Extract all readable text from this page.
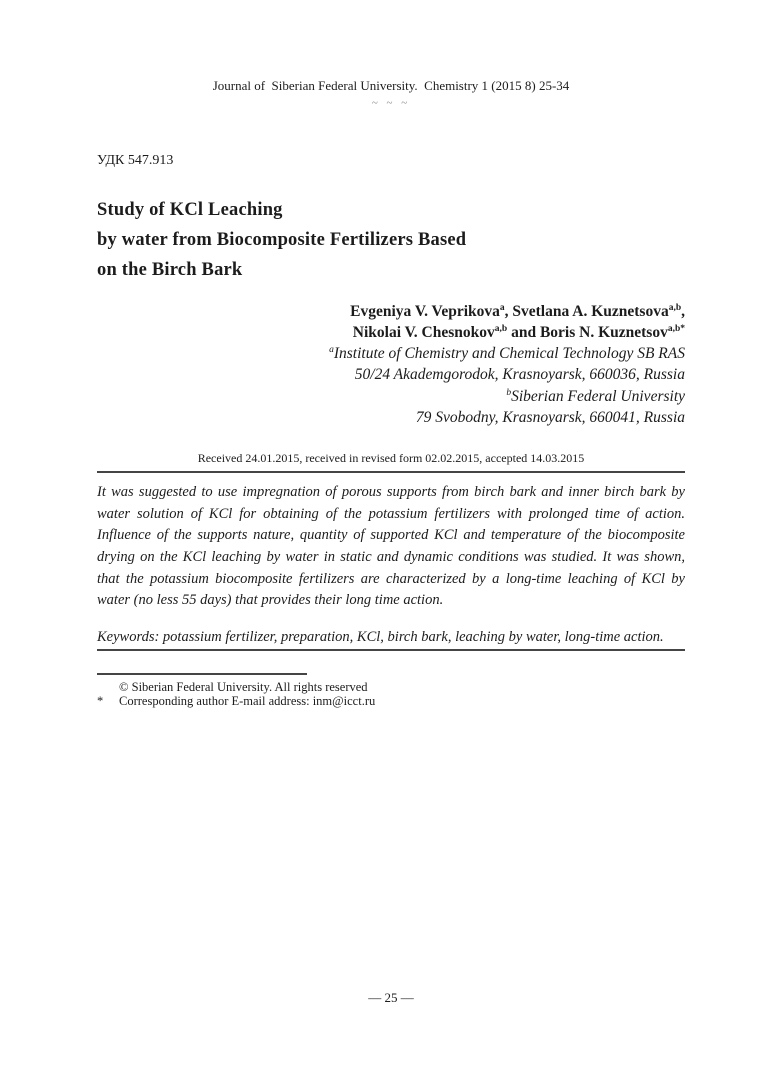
Journal of  Siberian Federal University.  Chemistry 1 (2015 8) 25-34
~ ~ ~
УДК 547.913
Study of KCl Leaching
by water from Biocomposite Fertilizers Based
on the Birch Bark
Evgeniya V. Veprikova$^a$, Svetlana A. Kuznetsova$^{a,b}$,
Nikolai V. Chesnokov$^{a,b}$ and Boris N. Kuznetsov$^{a,b*}$
$^a$Institute of Chemistry and Chemical Technology SB RAS
50/24 Akademgorodok, Krasnoyarsk, 660036, Russia
$^b$Siberian Federal University
79 Svobodny, Krasnoyarsk, 660041, Russia
Received 24.01.2015, received in revised form 02.02.2015, accepted 14.03.2015
It was suggested to use impregnation of porous supports from birch bark and inner birch bark by water solution of KCl for obtaining of the potassium fertilizers with prolonged time of action. Influence of the supports nature, quantity of supported KCl and temperature of the biocomposite drying on the KCl leaching by water in static and dynamic conditions was studied. It was shown, that the potassium biocomposite fertilizers are characterized by a long-time leaching of KCl by water (no less 55 days) that provides their long time action.
Keywords: potassium fertilizer, preparation, KCl, birch bark, leaching by water, long-time action.
© Siberian Federal University. All rights reserved
*	Corresponding author E-mail address: inm@icct.ru
— 25 —
